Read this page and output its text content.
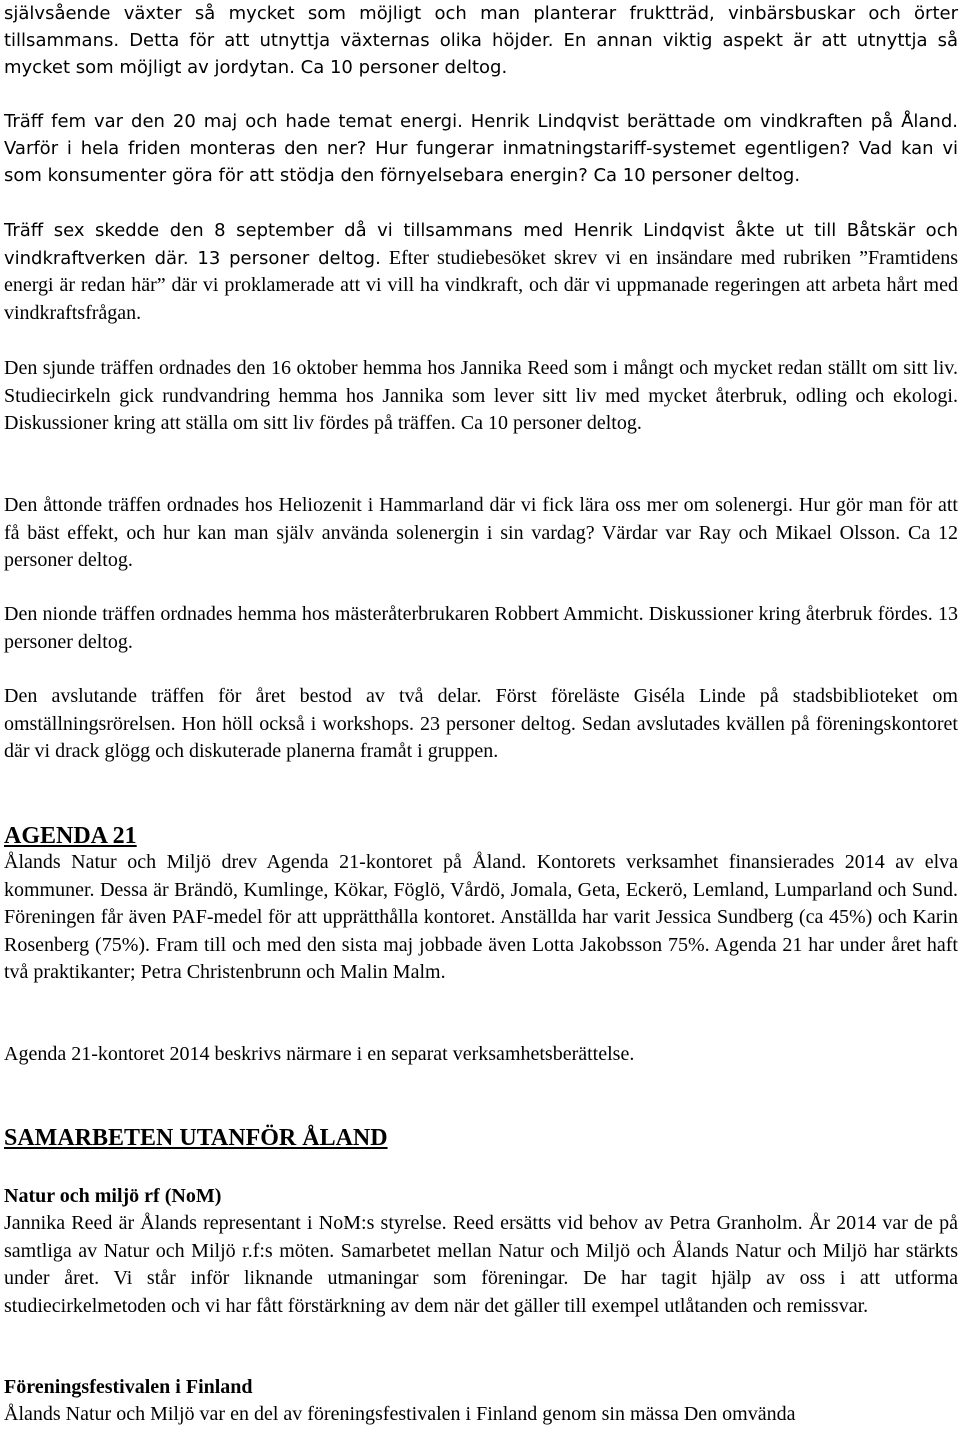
självsående växter så mycket som möjligt och man planterar fruktträd, vinbärsbuskar och örter tillsammans. Detta för att utnyttja växternas olika höjder. En annan viktig aspekt är att utnyttja så mycket som möjligt av jordytan. Ca 10 personer deltog.

Träff fem var den 20 maj och hade temat energi. Henrik Lindqvist berättade om vindkraften på Åland. Varför i hela friden monteras den ner? Hur fungerar inmatningstariff-systemet egentligen? Vad kan vi som konsumenter göra för att stödja den förnyelsebara energin? Ca 10 personer deltog.

Träff sex skedde den 8 september då vi tillsammans med Henrik Lindqvist åkte ut till Båtskär och vindkraftverken där. 13 personer deltog. Efter studiebesöket skrev vi en insändare med rubriken ”Framtidens energi är redan här” där vi proklamerade att vi vill ha vindkraft, och där vi uppmanade regeringen att arbeta hårt med vindkraftsfrågan.

Den sjunde träffen ordnades den 16 oktober hemma hos Jannika Reed som i mångt och mycket redan ställt om sitt liv. Studiecirkeln gick rundvandring hemma hos Jannika som lever sitt liv med mycket återbruk, odling och ekologi. Diskussioner kring att ställa om sitt liv fördes på träffen. Ca 10 personer deltog.

Den åttonde träffen ordnades hos Heliozenit i Hammarland där vi fick lära oss mer om solenergi. Hur gör man för att få bäst effekt, och hur kan man själv använda solenergin i sin vardag? Värdar var Ray och Mikael Olsson. Ca 12 personer deltog.

Den nionde träffen ordnades hemma hos mästeråterbrukaren Robbert Ammicht. Diskussioner kring återbruk fördes. 13 personer deltog.

Den avslutande träffen för året bestod av två delar. Först föreläste Giséla Linde på stadsbiblioteket om omställningsrörelsen. Hon höll också i workshops. 23 personer deltog. Sedan avslutades kvällen på föreningskontoret där vi drack glögg och diskuterade planerna framåt i gruppen.

AGENDA 21

Ålands Natur och Miljö drev Agenda 21-kontoret på Åland. Kontorets verksamhet finansierades 2014 av elva kommuner. Dessa är Brändö, Kumlinge, Kökar, Föglö, Vårdö, Jomala, Geta, Eckerö, Lemland, Lumparland och Sund. Föreningen får även PAF-medel för att upprätthålla kontoret. Anställda har varit Jessica Sundberg (ca 45%) och Karin Rosenberg (75%). Fram till och med den sista maj jobbade även Lotta Jakobsson 75%. Agenda 21 har under året haft två praktikanter; Petra Christenbrunn och Malin Malm.

Agenda 21-kontoret 2014 beskrivs närmare i en separat verksamhetsberättelse.

SAMARBETEN UTANFÖR ÅLAND
Natur och miljö rf (NoM)

Jannika Reed är Ålands representant i NoM:s styrelse. Reed ersätts vid behov av Petra Granholm. År 2014 var de på samtliga av Natur och Miljö r.f:s möten. Samarbetet mellan Natur och Miljö och Ålands Natur och Miljö har stärkts under året. Vi står inför liknande utmaningar som föreningar. De har tagit hjälp av oss i att utforma studiecirkelmetoden och vi har fått förstärkning av dem när det gäller till exempel utlåtanden och remissvar.

Föreningsfestivalen i Finland

Ålands Natur och Miljö var en del av föreningsfestivalen i Finland genom sin mässa Den omvända
